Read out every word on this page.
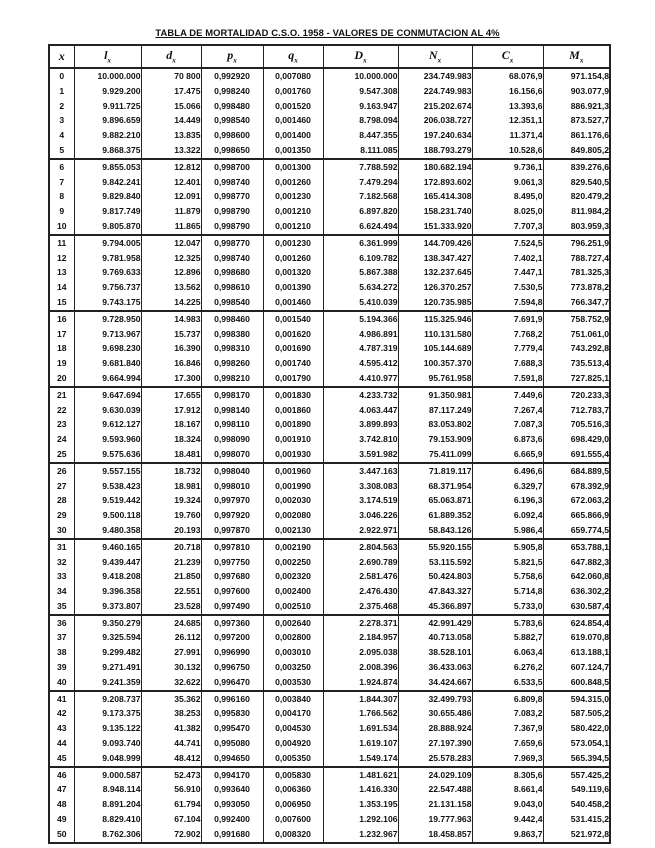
TABLA DE MORTALIDAD C.S.O. 1958 - VALORES DE CONMUTACION AL 4%
x	$l_x$	$d_x$	$p_x$	$q_x$	$D_x$	$N_x$	$C_x$	$M_x$
0	10.000.000	70 800	0,992920	0,007080	10.000.000	234.749.983	68.076,9	971.154,8
1	9.929.200	17.475	0,998240	0,001760	9.547.308	224.749.983	16.156,6	903.077,9
2	9.911.725	15.066	0,998480	0,001520	9.163.947	215.202.674	13.393,6	886.921,3
3	9.896.659	14.449	0,998540	0,001460	8.798.094	206.038.727	12.351,1	873.527,7
4	9.882.210	13.835	0,998600	0,001400	8.447.355	197.240.634	11.371,4	861.176,6
5	9.868.375	13.322	0,998650	0,001350	8.111.085	188.793.279	10.528,6	849.805,2
6	9.855.053	12.812	0,998700	0,001300	7.788.592	180.682.194	9.736,1	839.276,6
7	9.842.241	12.401	0,998740	0,001260	7.479.294	172.893.602	9.061,3	829.540,5
8	9.829.840	12.091	0,998770	0,001230	7.182.568	165.414.308	8.495,0	820.479,2
9	9.817.749	11.879	0,998790	0,001210	6.897.820	158.231.740	8.025,0	811.984,2
10	9.805.870	11.865	0,998790	0,001210	6.624.494	151.333.920	7.707,3	803.959,3
11	9.794.005	12.047	0,998770	0,001230	6.361.999	144.709.426	7.524,5	796.251,9
12	9.781.958	12.325	0,998740	0,001260	6.109.782	138.347.427	7.402,1	788.727,4
13	9.769.633	12.896	0,998680	0,001320	5.867.388	132.237.645	7.447,1	781.325,3
14	9.756.737	13.562	0,998610	0,001390	5.634.272	126.370.257	7.530,5	773.878,2
15	9.743.175	14.225	0,998540	0,001460	5.410.039	120.735.985	7.594,8	766.347,7
16	9.728.950	14.983	0,998460	0,001540	5.194.366	115.325.946	7.691,9	758.752,9
17	9.713.967	15.737	0,998380	0,001620	4.986.891	110.131.580	7.768,2	751.061,0
18	9.698.230	16.390	0,998310	0,001690	4.787.319	105.144.689	7.779,4	743.292,8
19	9.681.840	16.846	0,998260	0,001740	4.595.412	100.357.370	7.688,3	735.513,4
20	9.664.994	17.300	0,998210	0,001790	4.410.977	95.761.958	7.591,8	727.825,1
21	9.647.694	17.655	0,998170	0,001830	4.233.732	91.350.981	7.449,6	720.233,3
22	9.630.039	17.912	0,998140	0,001860	4.063.447	87.117.249	7.267,4	712.783,7
23	9.612.127	18.167	0,998110	0,001890	3.899.893	83.053.802	7.087,3	705.516,3
24	9.593.960	18.324	0,998090	0,001910	3.742.810	79.153.909	6.873,6	698.429,0
25	9.575.636	18.481	0,998070	0,001930	3.591.982	75.411.099	6.665,9	691.555,4
26	9.557.155	18.732	0,998040	0,001960	3.447.163	71.819.117	6.496,6	684.889,5
27	9.538.423	18.981	0,998010	0,001990	3.308.083	68.371.954	6.329,7	678.392,9
28	9.519.442	19.324	0,997970	0,002030	3.174.519	65.063.871	6.196,3	672.063,2
29	9.500.118	19.760	0,997920	0,002080	3.046.226	61.889.352	6.092,4	665.866,9
30	9.480.358	20.193	0,997870	0,002130	2.922.971	58.843.126	5.986,4	659.774,5
31	9.460.165	20.718	0,997810	0,002190	2.804.563	55.920.155	5.905,8	653.788,1
32	9.439.447	21.239	0,997750	0,002250	2.690.789	53.115.592	5.821,5	647.882,3
33	9.418.208	21.850	0,997680	0,002320	2.581.476	50.424.803	5.758,6	642.060,8
34	9.396.358	22.551	0,997600	0,002400	2.476.430	47.843.327	5.714,8	636.302,2
35	9.373.807	23.528	0,997490	0,002510	2.375.468	45.366.897	5.733,0	630.587,4
36	9.350.279	24.685	0,997360	0,002640	2.278.371	42.991.429	5.783,6	624.854,4
37	9.325.594	26.112	0,997200	0,002800	2.184.957	40.713.058	5.882,7	619.070,8
38	9.299.482	27.991	0,996990	0,003010	2.095.038	38.528.101	6.063,4	613.188,1
39	9.271.491	30.132	0,996750	0,003250	2.008.396	36.433.063	6.276,2	607.124,7
40	9.241.359	32.622	0,996470	0,003530	1.924.874	34.424.667	6.533,5	600.848,5
41	9.208.737	35.362	0,996160	0,003840	1.844.307	32.499.793	6.809,8	594.315,0
42	9.173.375	38.253	0,995830	0,004170	1.766.562	30.655.486	7.083,2	587.505,2
43	9.135.122	41.382	0,995470	0,004530	1.691.534	28.888.924	7.367,9	580.422,0
44	9.093.740	44.741	0,995080	0,004920	1.619.107	27.197.390	7.659,6	573.054,1
45	9.048.999	48.412	0,994650	0,005350	1.549.174	25.578.283	7.969,3	565.394,5
46	9.000.587	52.473	0,994170	0,005830	1.481.621	24.029.109	8.305,6	557.425,2
47	8.948.114	56.910	0,993640	0,006360	1.416.330	22.547.488	8.661,4	549.119,6
48	8.891.204	61.794	0,993050	0,006950	1.353.195	21.131.158	9.043,0	540.458,2
49	8.829.410	67.104	0,992400	0,007600	1.292.106	19.777.963	9.442,4	531.415,2
50	8.762.306	72.902	0,991680	0,008320	1.232.967	18.458.857	9.863,7	521.972,8
